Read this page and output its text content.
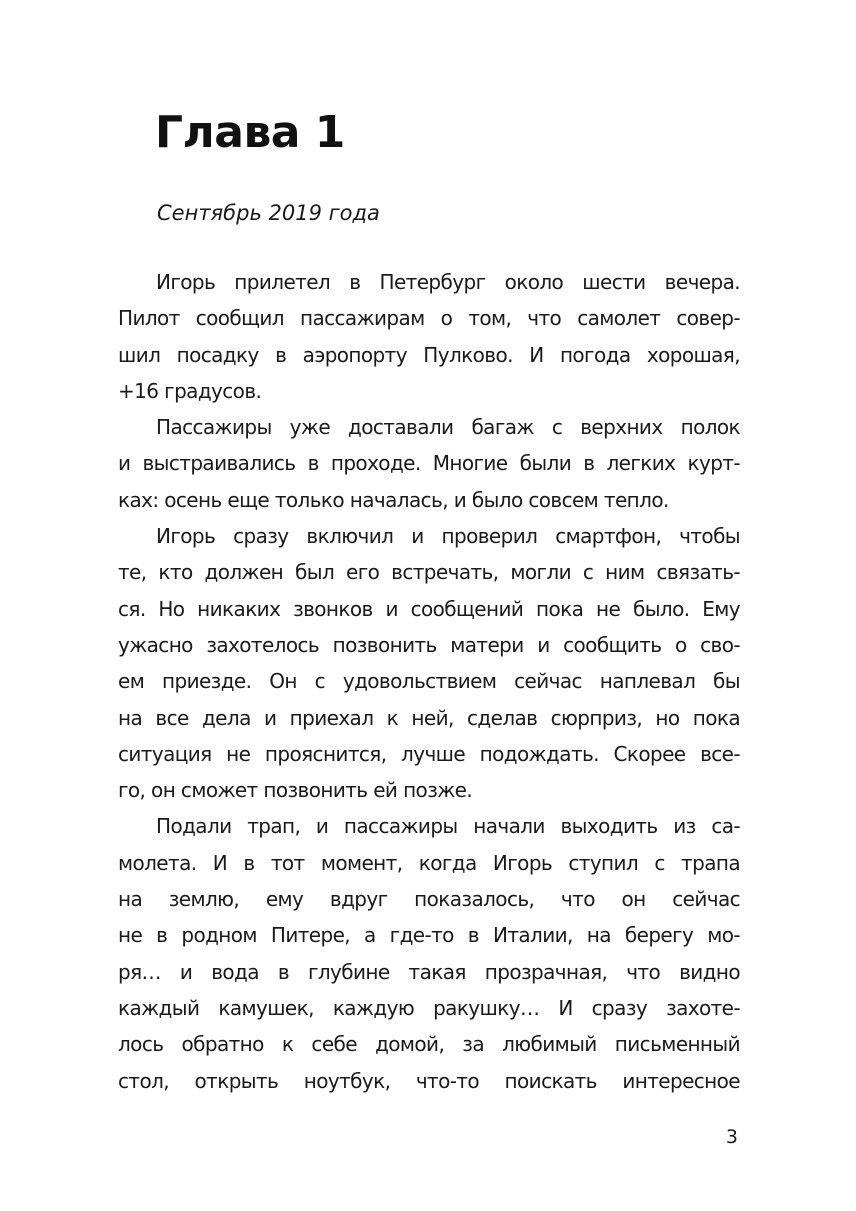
Глава 1

Сентябрь 2019 года

Игорь прилетел в Петербург около шести вечера.
Пилот сообщил пассажирам о том, что самолет совер-
шил посадку в аэропорту Пулково. И погода хорошая,
+16 градусов.
Пассажиры уже доставали багаж с верхних полок
и выстраивались в проходе. Многие были в легких курт-
ках: осень еще только началась, и было совсем тепло.
Игорь сразу включил и проверил смартфон, чтобы
те, кто должен был его встречать, могли с ним связать-
ся. Но никаких звонков и сообщений пока не было. Ему
ужасно захотелось позвонить матери и сообщить о сво-
ем приезде. Он с удовольствием сейчас наплевал бы
на все дела и приехал к ней, сделав сюрприз, но пока
ситуация не прояснится, лучше подождать. Скорее все-
го, он сможет позвонить ей позже.
Подали трап, и пассажиры начали выходить из са-
молета. И в тот момент, когда Игорь ступил с трапа
на землю, ему вдруг показалось, что он сейчас
не в родном Питере, а где-то в Италии, на берегу мо-
ря… и вода в глубине такая прозрачная, что видно
каждый камушек, каждую ракушку… И сразу захоте-
лось обратно к себе домой, за любимый письменный
стол, открыть ноутбук, что-то поискать интересное

3
